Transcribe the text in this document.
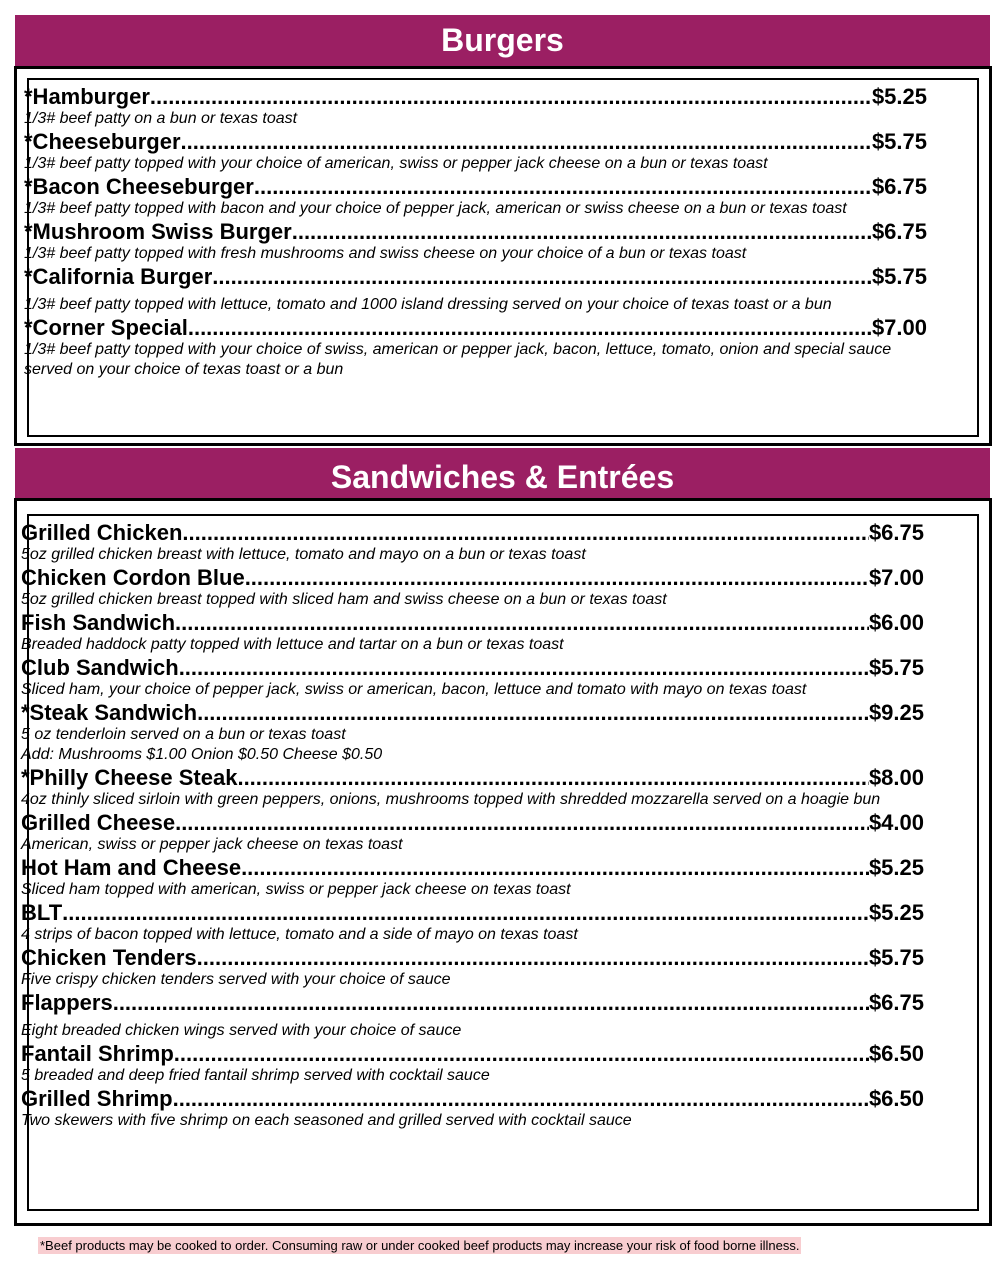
Burgers
*Hamburger .....	$5.25
1/3# beef patty on a bun or texas toast
*Cheeseburger .....	$5.75
1/3# beef patty topped with your choice of american, swiss or pepper jack cheese on a bun or texas toast
*Bacon Cheeseburger .....	$6.75
1/3# beef patty topped with bacon and your choice of pepper jack, american or swiss cheese on a bun or texas toast
*Mushroom Swiss Burger .....	$6.75
1/3# beef patty topped with fresh mushrooms and swiss cheese on your choice of a bun or texas toast
*California Burger .....	$5.75
1/3# beef patty topped with lettuce, tomato and 1000 island dressing served on your choice of texas toast or a bun
*Corner Special .....	$7.00
1/3# beef patty topped with your choice of swiss, american or pepper jack, bacon, lettuce, tomato, onion and special sauce served on your choice of texas toast or a bun
Sandwiches & Entrées
Grilled Chicken .....	$6.75
5oz grilled chicken breast with lettuce, tomato and mayo on a bun or texas toast
Chicken Cordon Blue .....	$7.00
5oz grilled chicken breast topped with sliced ham and swiss cheese on a bun or texas toast
Fish Sandwich .....	$6.00
Breaded haddock patty topped with lettuce and tartar on a bun or texas toast
Club Sandwich .....	$5.75
Sliced ham, your choice of pepper jack, swiss or american, bacon, lettuce and tomato with mayo on texas toast
*Steak Sandwich .....	$9.25
5 oz tenderloin served on a bun or texas toast
Add: Mushrooms $1.00 Onion $0.50 Cheese $0.50
*Philly Cheese Steak .....	$8.00
4oz thinly sliced sirloin with green peppers, onions, mushrooms topped with shredded mozzarella served on a hoagie bun
Grilled Cheese .....	$4.00
American, swiss or pepper jack cheese on texas toast
Hot Ham and Cheese .....	$5.25
Sliced ham topped with american, swiss or pepper jack cheese on texas toast
BLT .....	$5.25
4 strips of bacon topped with lettuce, tomato and a side of mayo on texas toast
Chicken Tenders .....	$5.75
Five crispy chicken tenders served with your choice of sauce
Flappers .....	$6.75
Eight breaded chicken wings served with your choice of sauce
Fantail Shrimp .....	$6.50
5 breaded and deep fried fantail shrimp served with cocktail sauce
Grilled Shrimp .....	$6.50
Two skewers with five shrimp on each seasoned and grilled served with cocktail sauce
*Beef products may be cooked to order. Consuming raw or under cooked beef products may increase your risk of food borne illness.
